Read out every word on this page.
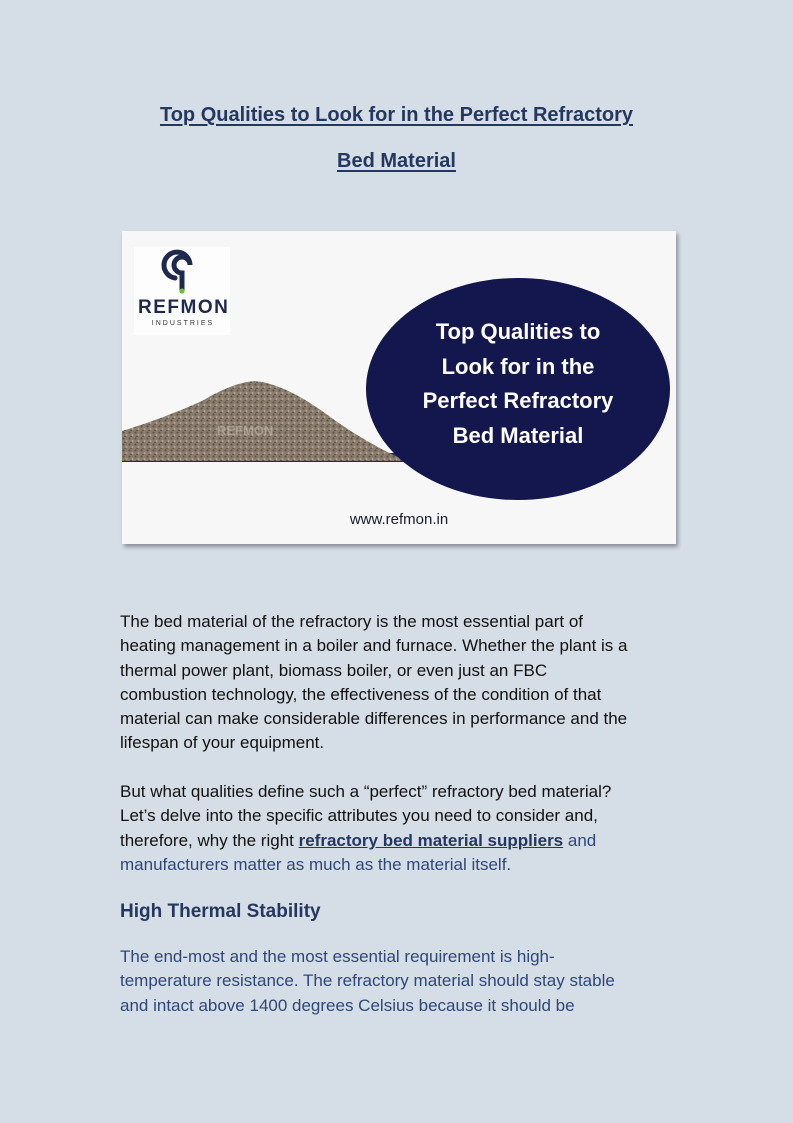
Top Qualities to Look for in the Perfect Refractory
Bed Material
REFMON
INDUSTRIES
REFMON
Top Qualities to
Look for in the
Perfect Refractory
Bed Material
www.refmon.in

The bed material of the refractory is the most essential part of
heating management in a boiler and furnace. Whether the plant is a
thermal power plant, biomass boiler, or even just an FBC
combustion technology, the effectiveness of the condition of that
material can make considerable differences in performance and the
lifespan of your equipment.

But what qualities define such a “perfect” refractory bed material?
Let’s delve into the specific attributes you need to consider and,
therefore, why the right refractory bed material suppliers and
manufacturers matter as much as the material itself.

High Thermal Stability

The end-most and the most essential requirement is high-
temperature resistance. The refractory material should stay stable
and intact above 1400 degrees Celsius because it should be
